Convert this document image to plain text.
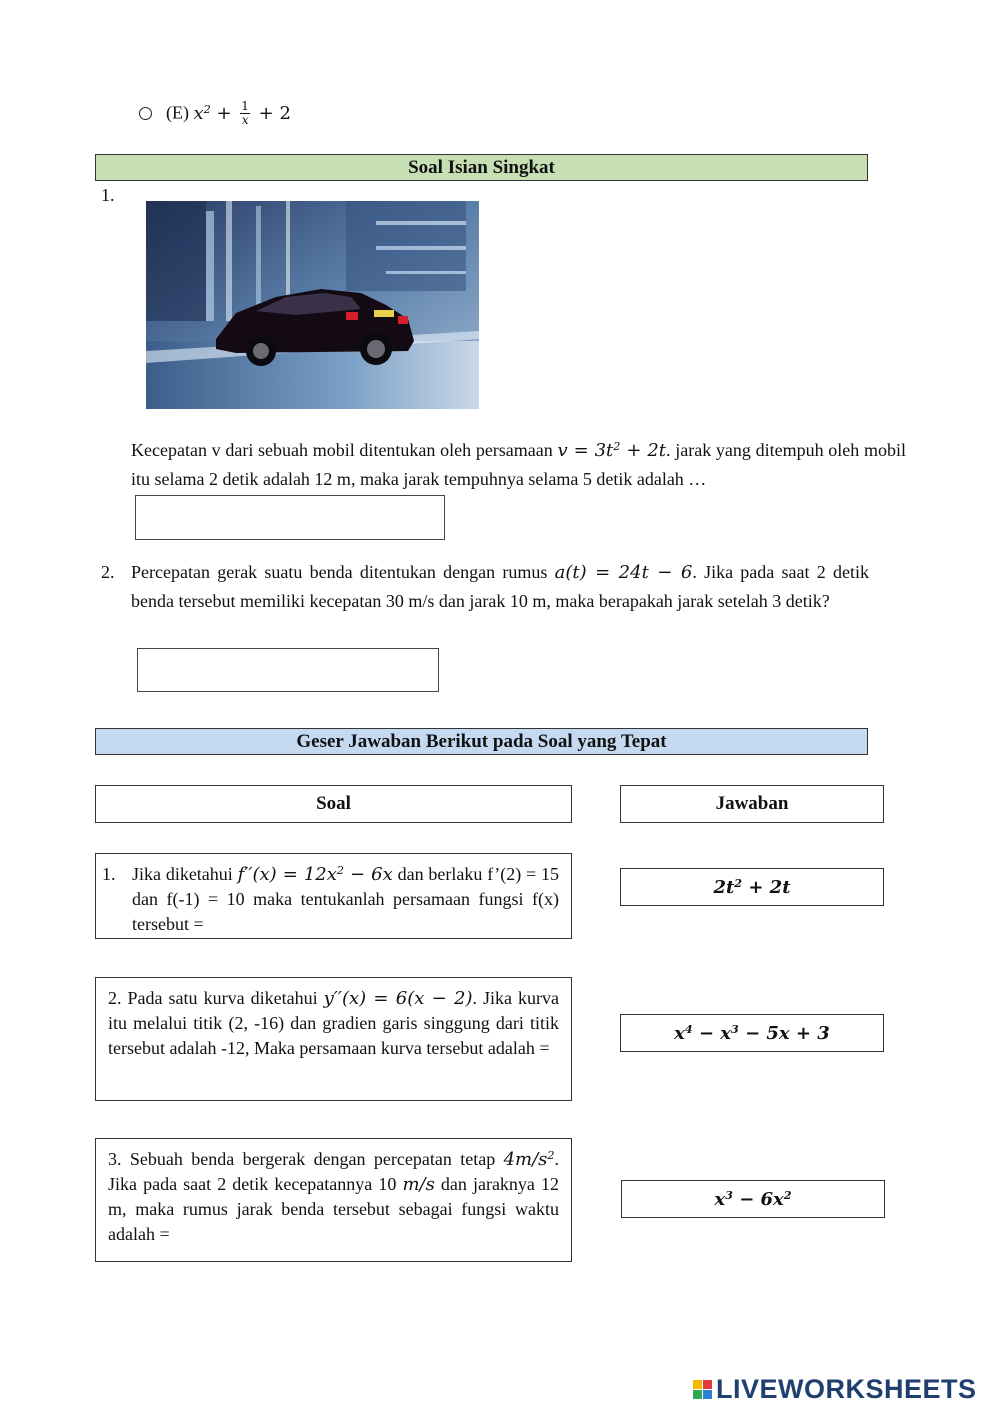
(E) $x^2 + \frac{1}{x} + 2$
Soal Isian Singkat
1.
Kecepatan v dari sebuah mobil ditentukan oleh persamaan $v = 3t^2 + 2t$. jarak yang ditempuh oleh mobil itu selama 2 detik adalah 12 m, maka jarak tempuhnya selama 5 detik adalah …
2. Percepatan gerak suatu benda ditentukan dengan rumus a(t) = 24t − 6. Jika pada saat 2 detik benda tersebut memiliki kecepatan 30 m/s dan jarak 10 m, maka berapakah jarak setelah 3 detik?
Geser Jawaban Berikut pada Soal yang Tepat
Soal	Jawaban
1. Jika diketahui $f''(x) = 12x^2 - 6x$ dan berlaku f’(2) = 15 dan f(-1) = 10 maka tentukanlah persamaan fungsi f(x) tersebut =
2. Pada satu kurva diketahui y′′(x) = 6(x − 2). Jika kurva itu melalui titik (2, -16) dan gradien garis singgung dari titik tersebut adalah -12, Maka persamaan kurva tersebut adalah =
3. Sebuah benda bergerak dengan percepatan tetap $4m/s^2$. Jika pada saat 2 detik kecepatannya 10 m/s dan jaraknya 12 m, maka rumus jarak benda tersebut sebagai fungsi waktu adalah =
$2t^2 + 2t$
$x^4 - x^3 - 5x + 3$
$x^3 - 6x^2$
LIVEWORKSHEETS
